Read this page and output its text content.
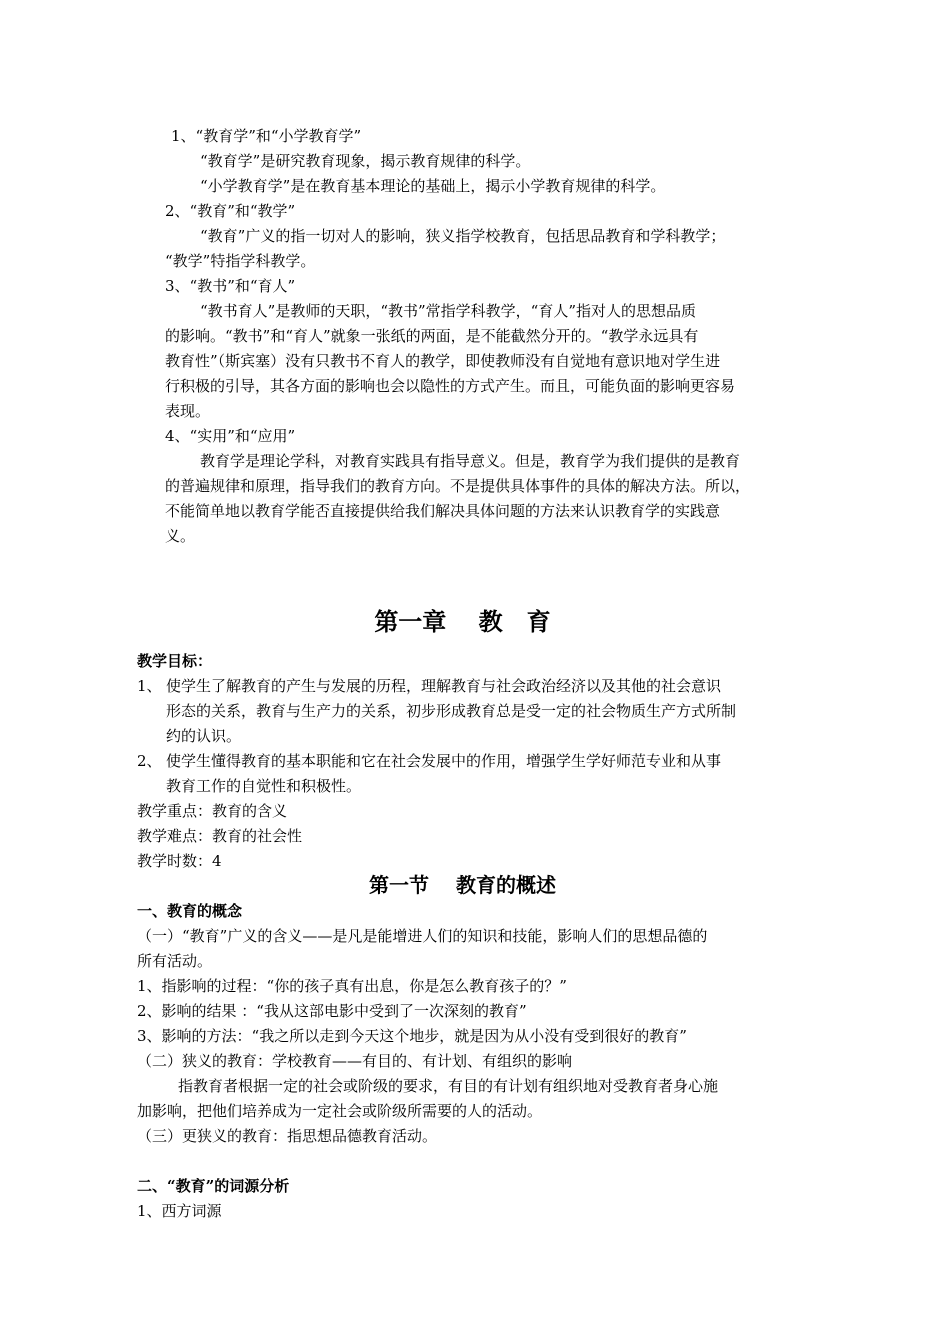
1、“教育学”和“小学教育学”
“教育学”是研究教育现象，揭示教育规律的科学。
“小学教育学”是在教育基本理论的基础上，揭示小学教育规律的科学。
2、“教育”和“教学”
“教育”广义的指一切对人的影响，狭义指学校教育，包括思品教育和学科教学；
“教学”特指学科教学。
3、“教书”和“育人”
“教书育人”是教师的天职，“教书”常指学科教学，“育人”指对人的思想品质
的影响。“教书”和“育人”就象一张纸的两面，是不能截然分开的。“教学永远具有
教育性”（斯宾塞）没有只教书不育人的教学，即使教师没有自觉地有意识地对学生进
行积极的引导，其各方面的影响也会以隐性的方式产生。而且，可能负面的影响更容易
表现。
4、“实用”和“应用”
教育学是理论学科，对教育实践具有指导意义。但是，教育学为我们提供的是教育
的普遍规律和原理，指导我们的教育方向。不是提供具体事件的具体的解决方法。所以，
不能简单地以教育学能否直接提供给我们解决具体问题的方法来认识教育学的实践意
义。
第一章　 教　育
教学目标：
1、 使学生了解教育的产生与发展的历程，理解教育与社会政治经济以及其他的社会意识
形态的关系，教育与生产力的关系，初步形成教育总是受一定的社会物质生产方式所制
约的认识。
2、 使学生懂得教育的基本职能和它在社会发展中的作用，增强学生学好师范专业和从事
教育工作的自觉性和积极性。
教学重点：教育的含义
教学难点：教育的社会性
教学时数：4
第一节　 教育的概述
一、教育的概念
（一）“教育”广义的含义——是凡是能增进人们的知识和技能，影响人们的思想品德的
所有活动。
1、指影响的过程：“你的孩子真有出息，你是怎么教育孩子的？”
2、影响的结果 ：“我从这部电影中受到了一次深刻的教育”
3、影响的方法：“我之所以走到今天这个地步，就是因为从小没有受到很好的教育”
（二）狭义的教育：学校教育——有目的、有计划、有组织的影响
指教育者根据一定的社会或阶级的要求，有目的有计划有组织地对受教育者身心施
加影响，把他们培养成为一定社会或阶级所需要的人的活动。
（三）更狭义的教育：指思想品德教育活动。
二、“教育”的词源分析
1、西方词源
